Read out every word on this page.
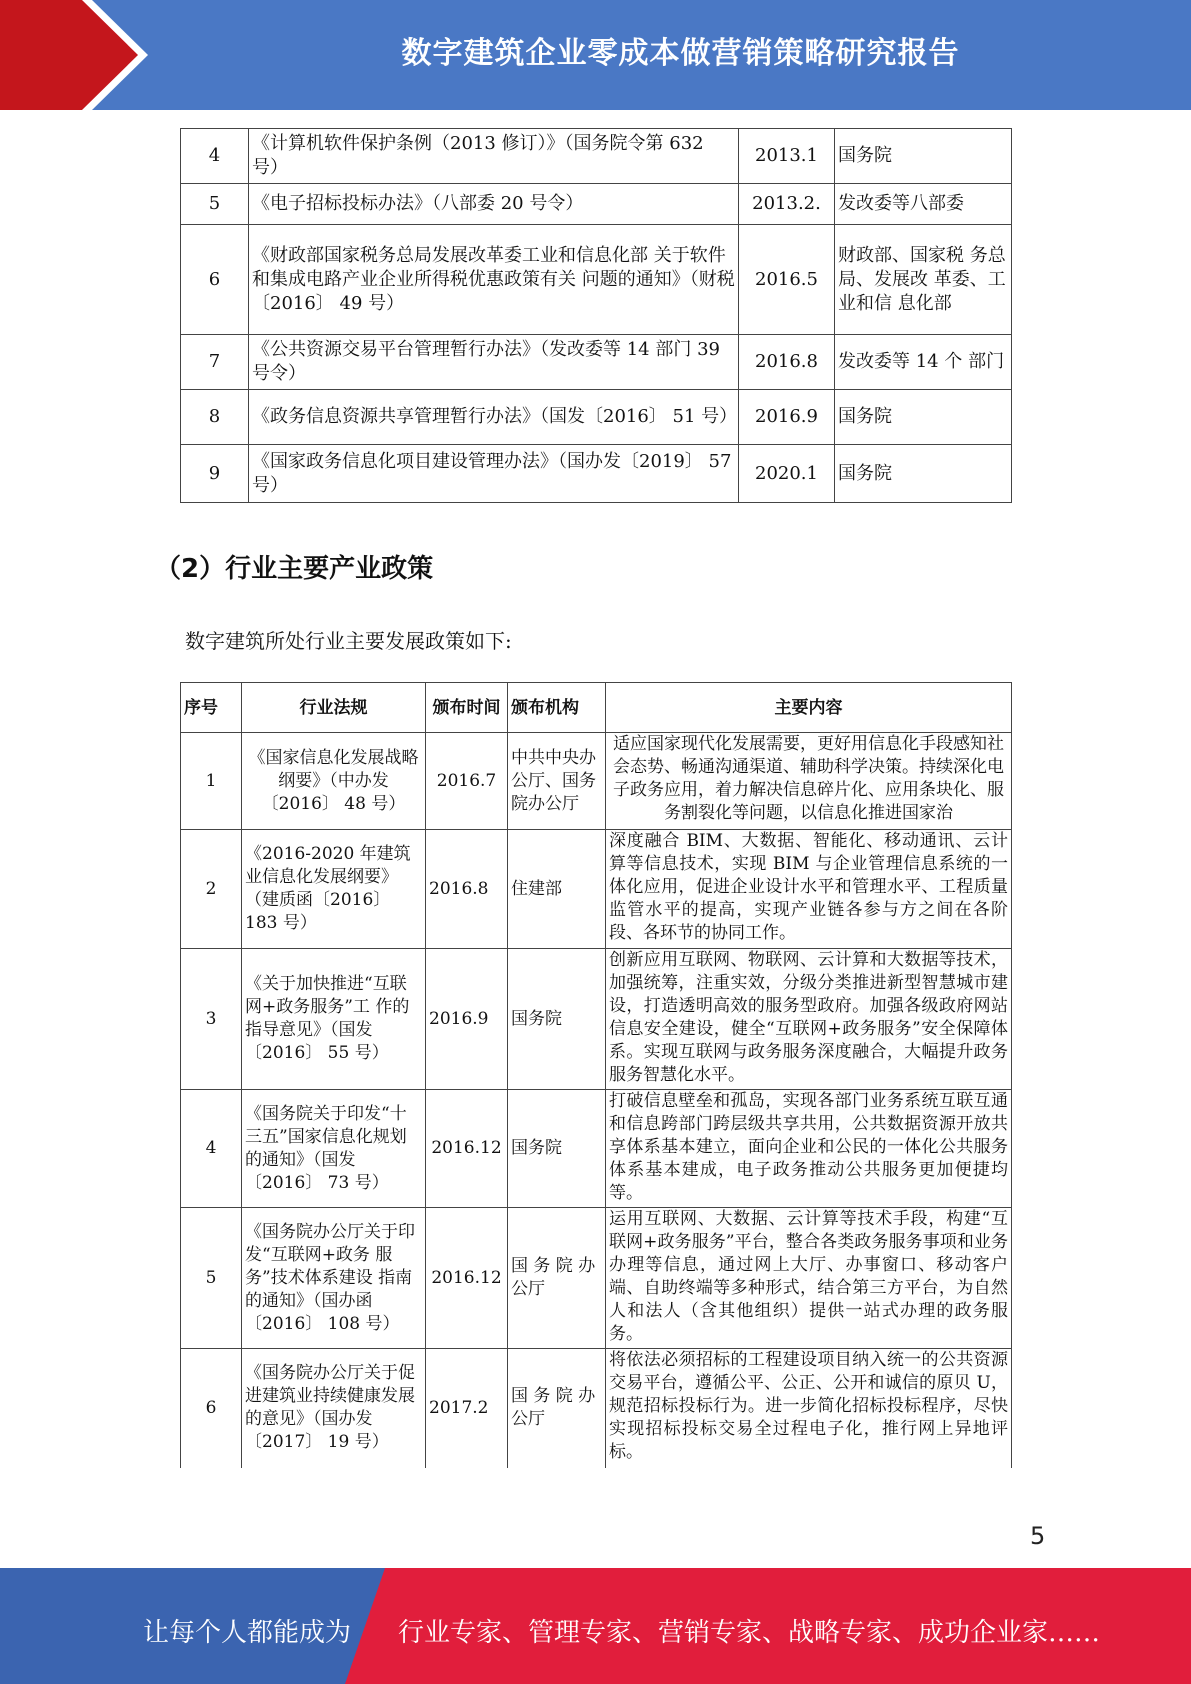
数字建筑企业零成本做营销策略研究报告
4	《计算机软件保护条例（2013 修订）》（国务院令第 632 号）	2013.1	国务院
5	《电子招标投标办法》（八部委 20 号令）	2013.2.	发改委等八部委
6	《财政部国家税务总局发展改革委工业和信息化部 关于软件和集成电路产业企业所得税优惠政策有关 问题的通知》（财税〔2016〕 49 号）	2016.5	财政部、国家税 务总局、发展改 革委、工业和信 息化部
7	《公共资源交易平台管理暂行办法》（发改委等 14 部门 39 号令）	2016.8	发改委等 14 个 部门
8	《政务信息资源共享管理暂行办法》（国发〔2016〕 51 号）	2016.9	国务院
9	《国家政务信息化项目建设管理办法》（国办发〔2019〕 57 号）	2020.1	国务院
（2）行业主要产业政策
数字建筑所处行业主要发展政策如下:
序号	行业法规	颁布时间	颁布机构	主要内容
1	《国家信息化发展战略纲要》（中办发〔2016〕 48 号）	2016.7	中共中央办公厅、国务院办公厅	适应国家现代化发展需要，更好用信息化手段感知社会态势、畅通沟通渠道、辅助科学决策。持续深化电子政务应用，着力解决信息碎片化、应用条块化、服务割裂化等问题，以信息化推进国家治
2	《2016-2020 年建筑 业信息化发展纲要》（建质函〔2016〕 183 号）	2016.8	住建部	深度融合 BIM、大数据、智能化、移动通讯、云计算等信息技术，实现 BIM 与企业管理信息系统的一体化应用，促进企业设计水平和管理水平、工程质量监管水平的提高，实现产业链各参与方之间在各阶段、各环节的协同工作。
3	《关于加快推进“互联网+政务服务”工 作的指导意见》（国发〔2016〕 55 号）	2016.9	国务院	创新应用互联网、物联网、云计算和大数据等技术，加强统筹，注重实效，分级分类推进新型智慧城市建设，打造透明高效的服务型政府。加强各级政府网站信息安全建设，健全“互联网+政务服务”安全保障体系。实现互联网与政务服务深度融合，大幅提升政务服务智慧化水平。
4	《国务院关于印发“十三五”国家信息化规划的通知》（国发〔2016〕 73 号）	2016.12	国务院	打破信息壁垒和孤岛，实现各部门业务系统互联互通和信息跨部门跨层级共享共用，公共数据资源开放共享体系基本建立，面向企业和公民的一体化公共服务体系基本建成，电子政务推动公共服务更加便捷均等。
5	《国务院办公厅关于印发“互联网+政务 服务”技术体系建设 指南的通知》（国办函〔2016〕 108 号）	2016.12	国 务 院 办公厅	运用互联网、大数据、云计算等技术手段，构建“互联网+政务服务”平台，整合各类政务服务事项和业务办理等信息，通过网上大厅、办事窗口、移动客户端、自助终端等多种形式，结合第三方平台，为自然人和法人（含其他组织）提供一站式办理的政务服务。
6	《国务院办公厅关于促进建筑业持续健康发展的意见》（国办发〔2017〕 19 号）	2017.2	国 务 院 办公厅	将依法必须招标的工程建设项目纳入统一的公共资源交易平台，遵循公平、公正、公开和诚信的原贝 U，规范招标投标行为。进一步简化招标投标程序，尽快实现招标投标交易全过程电子化，推行网上异地评标。
5
让每个人都能成为 行业专家、管理专家、营销专家、战略专家、成功企业家……
